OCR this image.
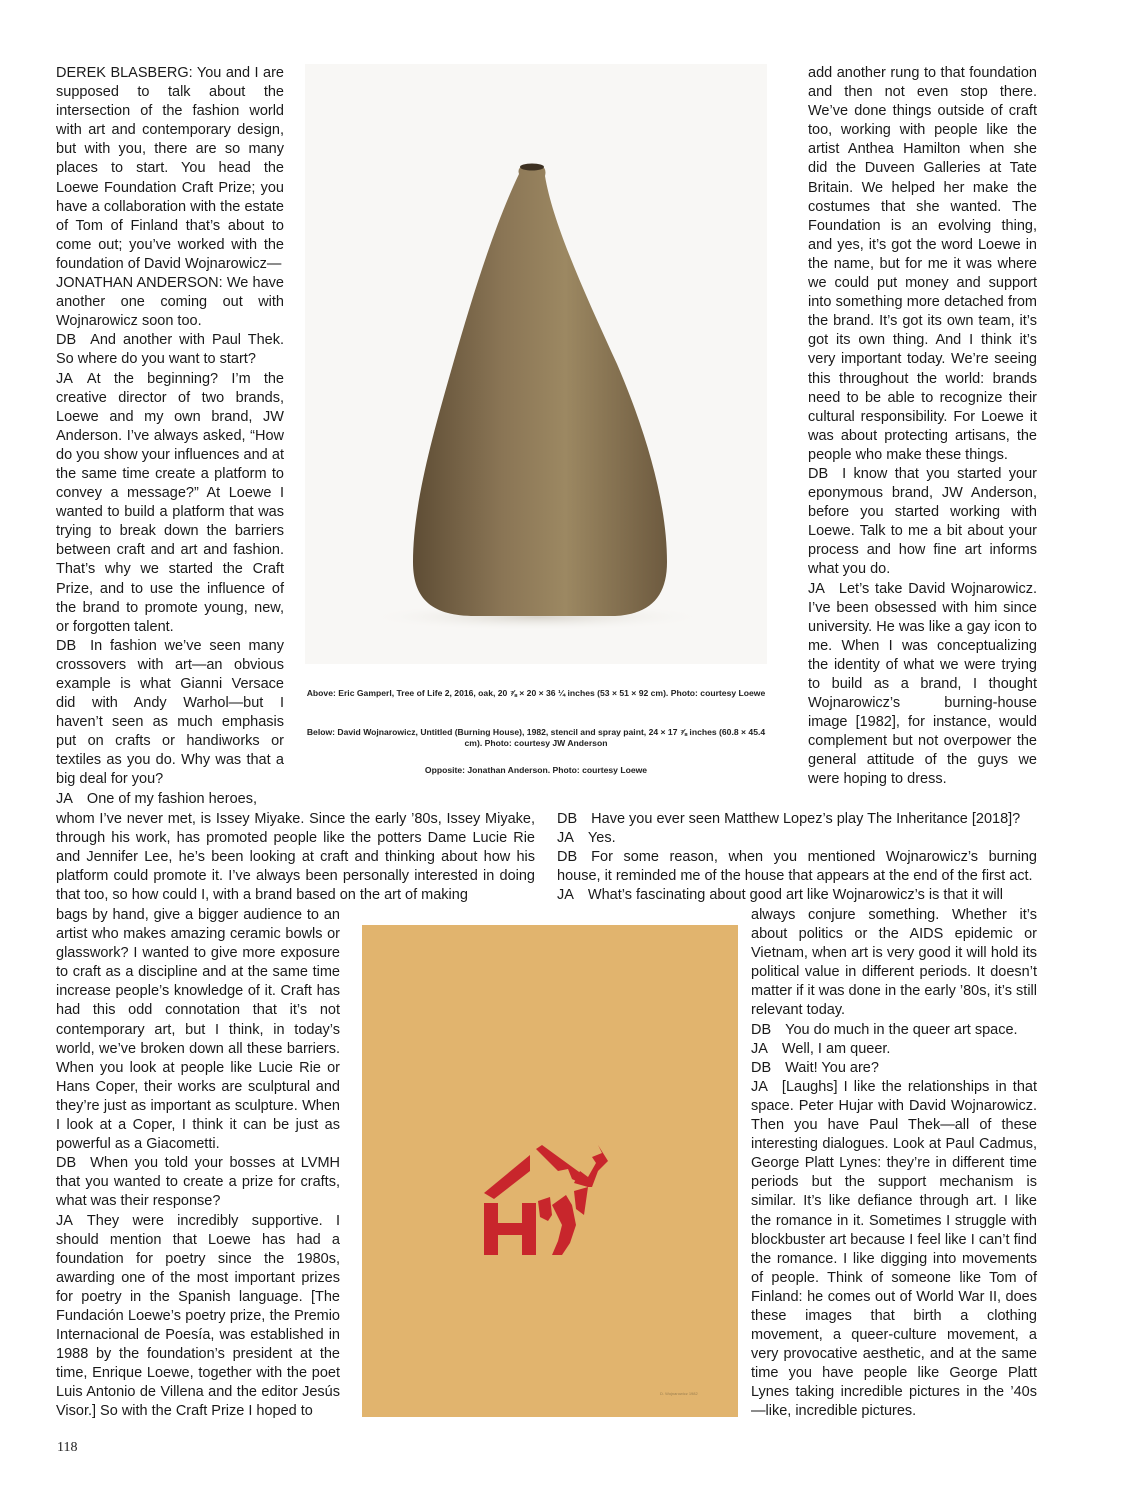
DEREK BLASBERG: You and I are supposed to talk about the intersection of the fashion world with art and contemporary design, but with you, there are so many places to start. You head the Loewe Foundation Craft Prize; you have a collaboration with the estate of Tom of Finland that’s about to come out; you’ve worked with the foundation of David Wojnarowicz—

JONATHAN ANDERSON: We have another one coming out with Wojnarowicz soon too.

DB And another with Paul Thek. So where do you want to start?

JA At the beginning? I’m the creative director of two brands, Loewe and my own brand, JW Anderson. I’ve always asked, “How do you show your influences and at the same time create a platform to convey a message?” At Loewe I wanted to build a platform that was trying to break down the barriers between craft and art and fashion. That’s why we started the Craft Prize, and to use the influence of the brand to promote young, new, or forgotten talent.

DB In fashion we’ve seen many crossovers with art—an obvious example is what Gianni Versace did with Andy Warhol—but I haven’t seen as much emphasis put on crafts or handiworks or textiles as you do. Why was that a big deal for you?

JA One of my fashion heroes,

Above: Eric Gamperl, Tree of Life 2, 2016, oak, 20 ⅞ × 20 × 36 ¼ inches (53 × 51 × 92 cm). Photo: courtesy Loewe
Below: David Wojnarowicz, Untitled (Burning House), 1982, stencil and spray paint, 24 × 17 ⅞ inches (60.8 × 45.4 cm). Photo: courtesy JW Anderson
Opposite: Jonathan Anderson. Photo: courtesy Loewe

add another rung to that foundation and then not even stop there. We’ve done things outside of craft too, working with people like the artist Anthea Hamilton when she did the Duveen Galleries at Tate Britain. We helped her make the costumes that she wanted. The Foundation is an evolving thing, and yes, it’s got the word Loewe in the name, but for me it was where we could put money and support into something more detached from the brand. It’s got its own team, it’s got its own thing. And I think it’s very important today. We’re seeing this throughout the world: brands need to be able to recognize their cultural responsibility. For Loewe it was about protecting artisans, the people who make these things.

DB I know that you started your eponymous brand, JW Anderson, before you started working with Loewe. Talk to me a bit about your process and how fine art informs what you do.

JA Let’s take David Wojnarowicz. I’ve been obsessed with him since university. He was like a gay icon to me. When I was conceptualizing the identity of what we were trying to build as a brand, I thought Wojnarowicz’s burning-house image [1982], for instance, would complement but not overpower the general attitude of the guys we were hoping to dress.

whom I’ve never met, is Issey Miyake. Since the early ’80s, Issey Miyake, through his work, has promoted people like the potters Dame Lucie Rie and Jennifer Lee, he’s been looking at craft and thinking about how his platform could promote it. I’ve always been personally interested in doing that too, so how could I, with a brand based on the art of making

DB Have you ever seen Matthew Lopez’s play The Inheritance [2018]?

JA Yes.

DB For some reason, when you mentioned Wojnarowicz’s burning house, it reminded me of the house that appears at the end of the first act.

JA What’s fascinating about good art like Wojnarowicz’s is that it will

D. Wojnarowicz 1982

bags by hand, give a bigger audience to an artist who makes amazing ceramic bowls or glasswork? I wanted to give more exposure to craft as a discipline and at the same time increase people’s knowledge of it. Craft has had this odd connotation that it’s not contemporary art, but I think, in today’s world, we’ve broken down all these barriers. When you look at people like Lucie Rie or Hans Coper, their works are sculptural and they’re just as important as sculpture. When I look at a Coper, I think it can be just as powerful as a Giacometti.

DB When you told your bosses at LVMH that you wanted to create a prize for crafts, what was their response?

JA They were incredibly supportive. I should mention that Loewe has had a foundation for poetry since the 1980s, awarding one of the most important prizes for poetry in the Spanish language. [The Fundación Loewe’s poetry prize, the Premio Internacional de Poesía, was established in 1988 by the foundation’s president at the time, Enrique Loewe, together with the poet Luis Antonio de Villena and the editor Jesús Visor.] So with the Craft Prize I hoped to

always conjure something. Whether it’s about politics or the AIDS epidemic or Vietnam, when art is very good it will hold its political value in different periods. It doesn’t matter if it was done in the early ’80s, it’s still relevant today.

DB You do much in the queer art space.

JA Well, I am queer.

DB Wait! You are?

JA [Laughs] I like the relationships in that space. Peter Hujar with David Wojnarowicz. Then you have Paul Thek—all of these interesting dialogues. Look at Paul Cadmus, George Platt Lynes: they’re in different time periods but the support mechanism is similar. It’s like defiance through art. I like the romance in it. Sometimes I struggle with blockbuster art because I feel like I can’t find the romance. I like digging into movements of people. Think of someone like Tom of Finland: he comes out of World War II, does these images that birth a clothing movement, a queer-culture movement, a very provocative aesthetic, and at the same time you have people like George Platt Lynes taking incredible pictures in the ’40s—like, incredible pictures.

118
